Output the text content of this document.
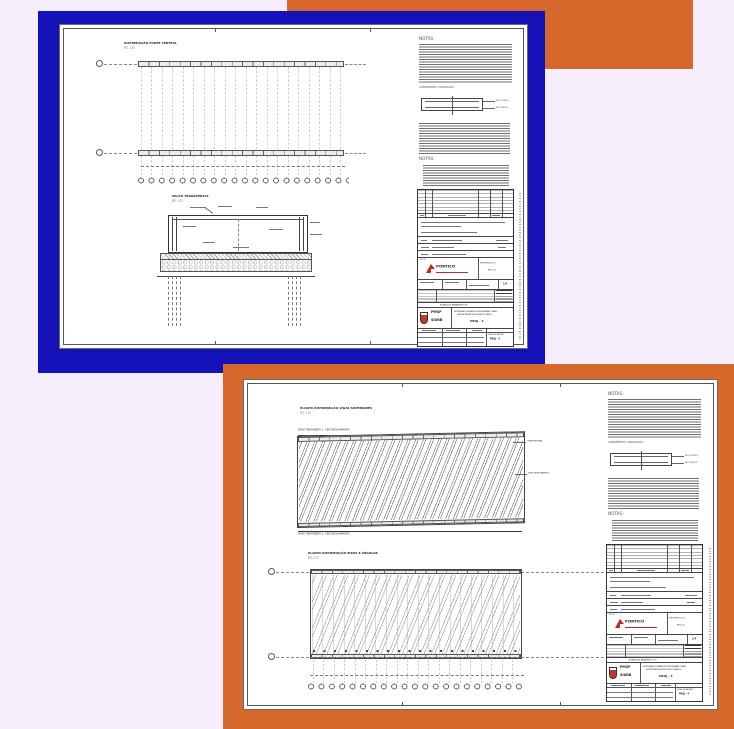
DISTRIBUIÇÃO PONTE CENTRAL
ESC. 1:50
SEÇÃO TRANSVERSAL
ESC. 1:25
NOTAS:
COBRIMENTO ARMADURA:
ARM. SUPERIOR
ARM. INFERIOR
NOTAS:
AUTOR
PORTICO
PROJ/TRE-09.13
REV. 00
1/4
PLANTA DE ARMAMENTO Nº
PMSP
SIURB
SECRETARIA DE INFRAESTRUTURA URBANA E OBRAS
SUPERINTENDÊNCIA DE PROJETOS VIÁRIOS
PROJ - 4
SEÇÃO DE ARQUIVO
PROJ - 4
PLANTA DISTRIBUIÇÃO VIGAS SUPERIORES
ESC. 1:50
APOIO TRAVAMENTO 1 - VIDE DETALHAMENTO
TRANSVERSINA
VIDE DETALHAMENTO
APOIO TRAVAMENTO 2 - VIDE DETALHAMENTO
PLANTA DISTRIBUIÇÃO EIXOS E ÂNGULOS
ESC. 1:75
NOTAS:
COBRIMENTO ARMADURA:
ARM. SUPERIOR
ARM. INFERIOR
NOTAS:
AUTOR
PORTICO
PROJ/TRE-09.13
REV. 00
1/4
PLANTA DE ARMAMENTO Nº
PMSP
SIURB
SECRETARIA DE INFRAESTRUTURA URBANA E OBRAS
SUPERINTENDÊNCIA DE PROJETOS VIÁRIOS
PROJ - 4
SEÇÃO DE ARQUIVO
PROJ - 4
